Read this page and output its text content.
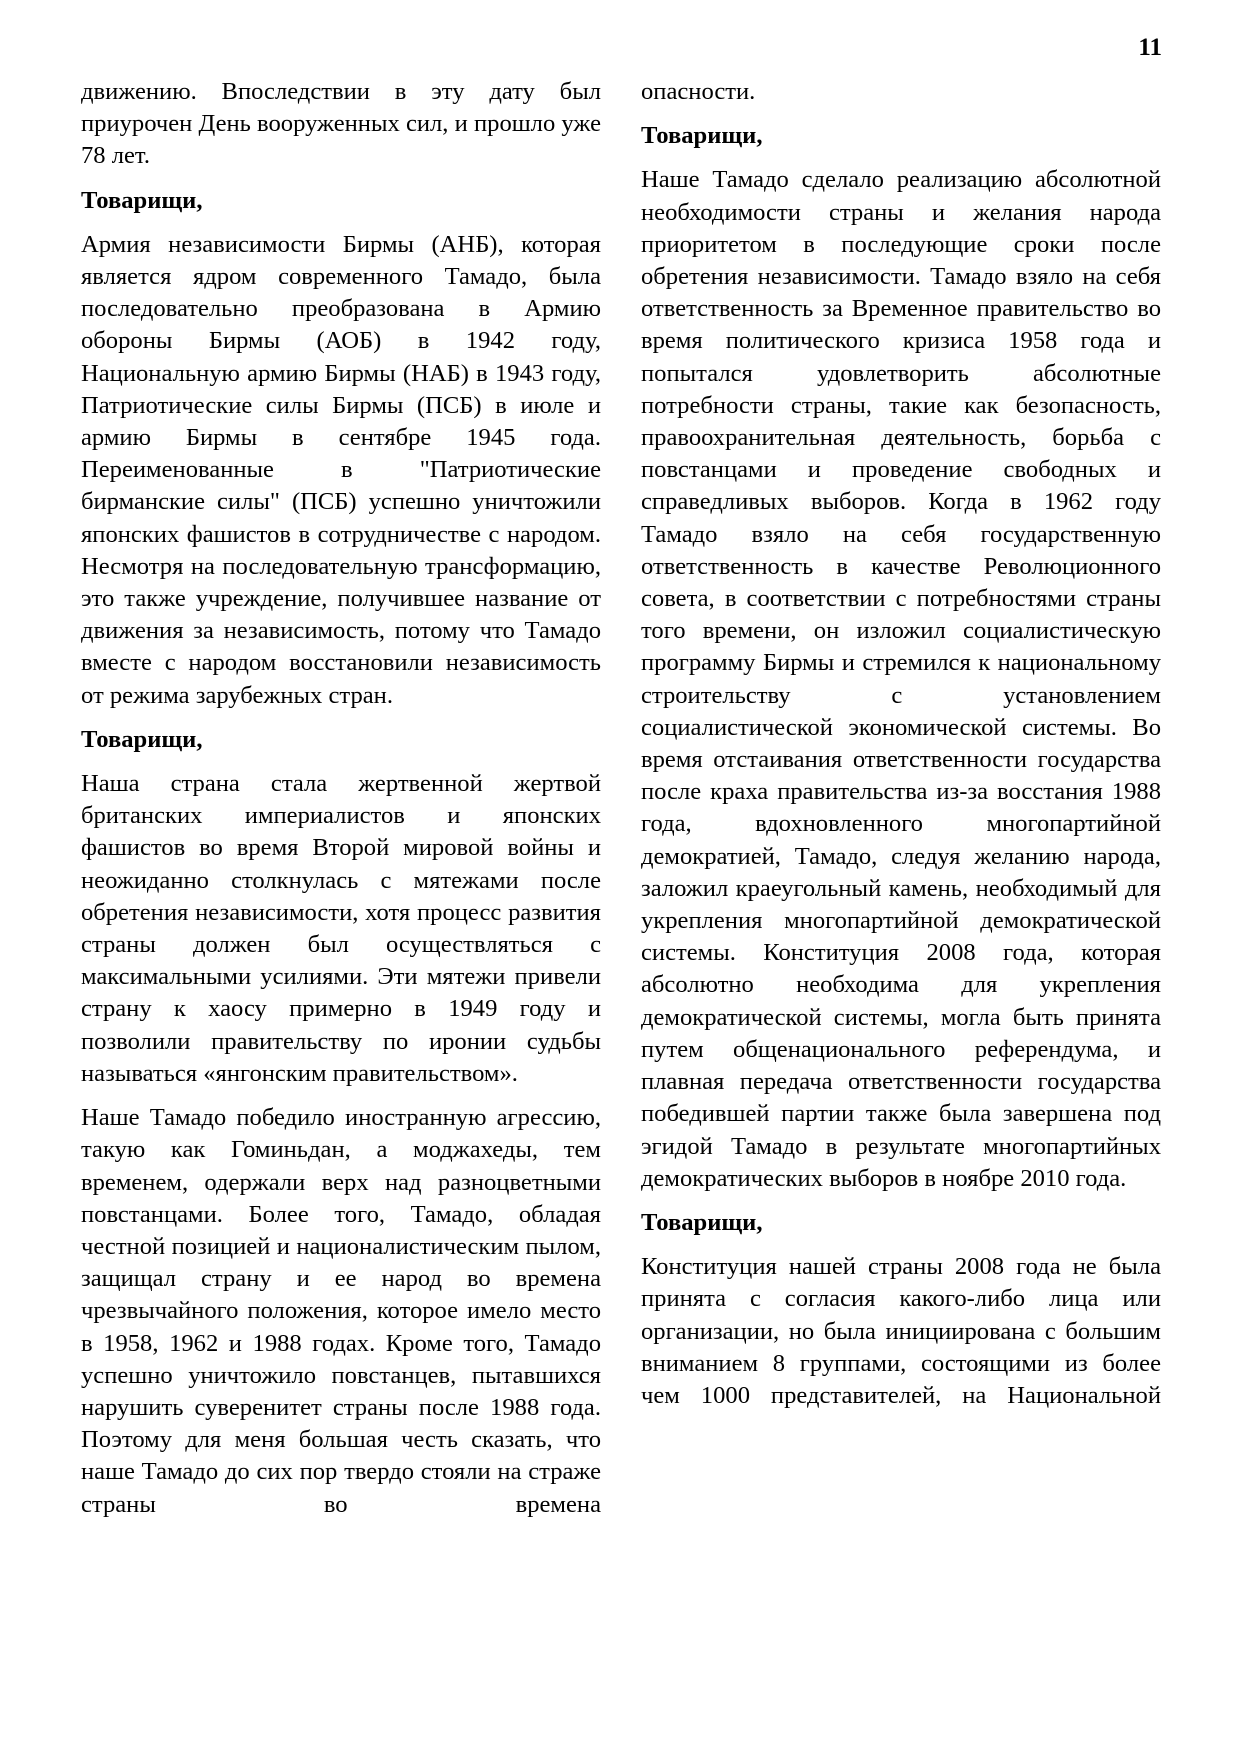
11

движению. Впоследствии в эту дату был приурочен День вооруженных сил, и прошло уже 78 лет.

Товарищи,

Армия независимости Бирмы (АНБ), которая является ядром современного Тамадо, была последовательно преобразована в Армию обороны Бирмы (АОБ) в 1942 году, Национальную армию Бирмы (НАБ) в 1943 году, Патриотические силы Бирмы (ПСБ) в июле и армию Бирмы в сентябре 1945 года. Переименованные в "Патриотические бирманские силы" (ПСБ) успешно уничтожили японских фашистов в сотрудничестве с народом. Несмотря на последовательную трансформацию, это также учреждение, получившее название от движения за независимость, потому что Тамадо вместе с народом восстановили независимость от режима зарубежных стран.

Товарищи,

Наша страна стала жертвенной жертвой британских империалистов и японских фашистов во время Второй мировой войны и неожиданно столкнулась с мятежами после обретения независимости, хотя процесс развития страны должен был осуществляться с максимальными усилиями. Эти мятежи привели страну к хаосу примерно в 1949 году и позволили правительству по иронии судьбы называться «янгонским правительством».

Наше Тамадо победило иностранную агрессию, такую как Гоминьдан, а моджахеды, тем временем, одержали верх над разноцветными повстанцами. Более того, Тамадо, обладая честной позицией и националистическим пылом, защищал страну и ее народ во времена чрезвычайного положения, которое имело место в 1958, 1962 и 1988 годах. Кроме того, Тамадо успешно уничтожило повстанцев, пытавшихся нарушить суверенитет страны после 1988 года. Поэтому для меня большая честь сказать, что наше Тамадо до сих пор твердо стояли на страже страны во времена

опасности.

Товарищи,

Наше Тамадо сделало реализацию абсолютной необходимости страны и желания народа приоритетом в последующие сроки после обретения независимости. Тамадо взяло на себя ответственность за Временное правительство во время политического кризиса 1958 года и попытался удовлетворить абсолютные потребности страны, такие как безопасность, правоохранительная деятельность, борьба с повстанцами и проведение свободных и справедливых выборов. Когда в 1962 году Тамадо взяло на себя государственную ответственность в качестве Революционного совета, в соответствии с потребностями страны того времени, он изложил социалистическую программу Бирмы и стремился к национальному строительству с установлением социалистической экономической системы. Во время отстаивания ответственности государства после краха правительства из-за восстания 1988 года, вдохновленного многопартийной демократией, Тамадо, следуя желанию народа, заложил краеугольный камень, необходимый для укрепления многопартийной демократической системы. Конституция 2008 года, которая абсолютно необходима для укрепления демократической системы, могла быть принята путем общенационального референдума, и плавная передача ответственности государства победившей партии также была завершена под эгидой Тамадо в результате многопартийных демократических выборов в ноябре 2010 года.

Товарищи,

Конституция нашей страны 2008 года не была принята с согласия какого-либо лица или организации, но была инициирована с большим вниманием 8 группами, состоящими из более чем 1000 представителей, на Национальной
